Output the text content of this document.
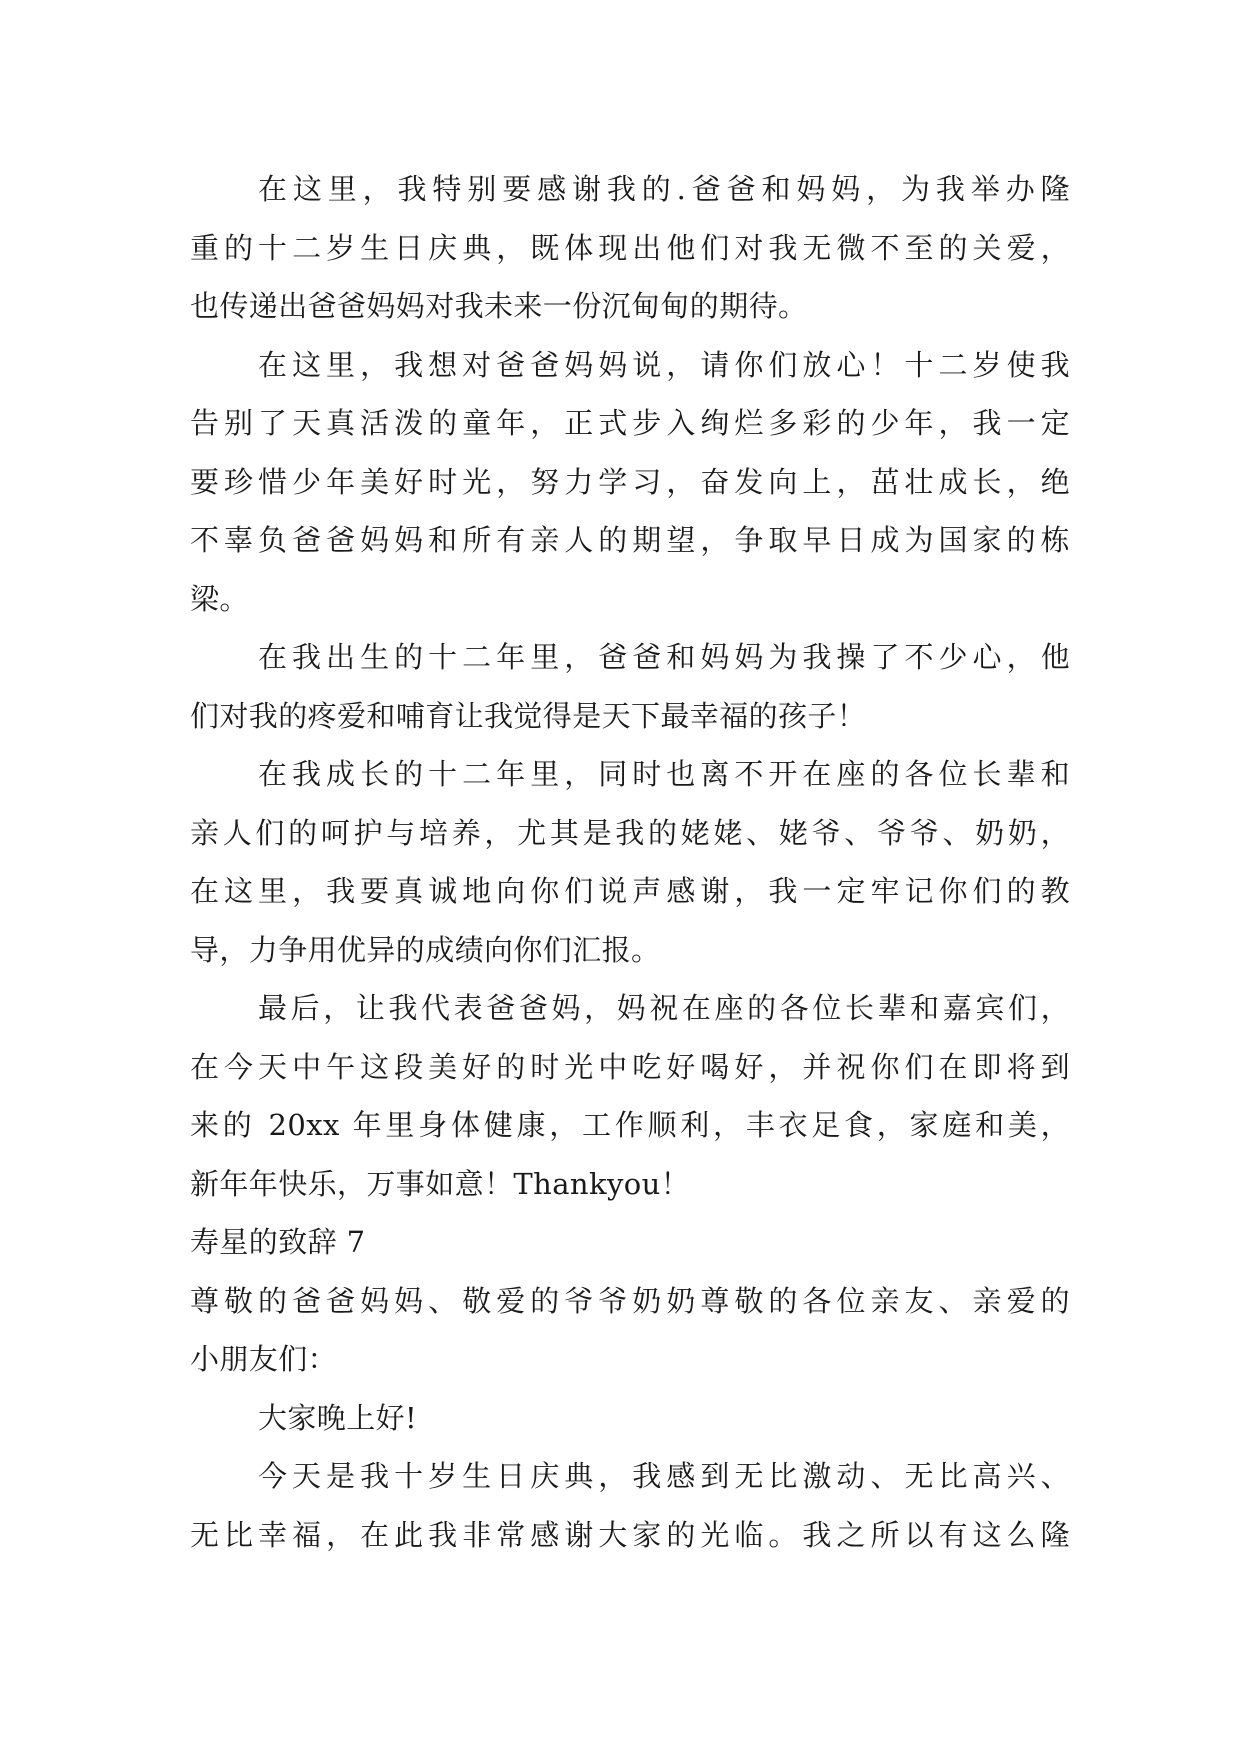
在这里，我特别要感谢我的.爸爸和妈妈，为我举办隆
重的十二岁生日庆典，既体现出他们对我无微不至的关爱，
也传递出爸爸妈妈对我未来一份沉甸甸的期待。
在这里，我想对爸爸妈妈说，请你们放心！十二岁使我
告别了天真活泼的童年，正式步入绚烂多彩的少年，我一定
要珍惜少年美好时光，努力学习，奋发向上，茁壮成长，绝
不辜负爸爸妈妈和所有亲人的期望，争取早日成为国家的栋
梁。
在我出生的十二年里，爸爸和妈妈为我操了不少心，他
们对我的疼爱和哺育让我觉得是天下最幸福的孩子！
在我成长的十二年里，同时也离不开在座的各位长辈和
亲人们的呵护与培养，尤其是我的姥姥、姥爷、爷爷、奶奶，
在这里，我要真诚地向你们说声感谢，我一定牢记你们的教
导，力争用优异的成绩向你们汇报。
最后，让我代表爸爸妈，妈祝在座的各位长辈和嘉宾们，
在今天中午这段美好的时光中吃好喝好，并祝你们在即将到
来的 20xx 年里身体健康，工作顺利，丰衣足食，家庭和美，
新年年快乐，万事如意！Thankyou！
寿星的致辞 7
尊敬的爸爸妈妈、敬爱的爷爷奶奶尊敬的各位亲友、亲爱的
小朋友们：
大家晚上好!
今天是我十岁生日庆典，我感到无比激动、无比高兴、
无比幸福，在此我非常感谢大家的光临。我之所以有这么隆
